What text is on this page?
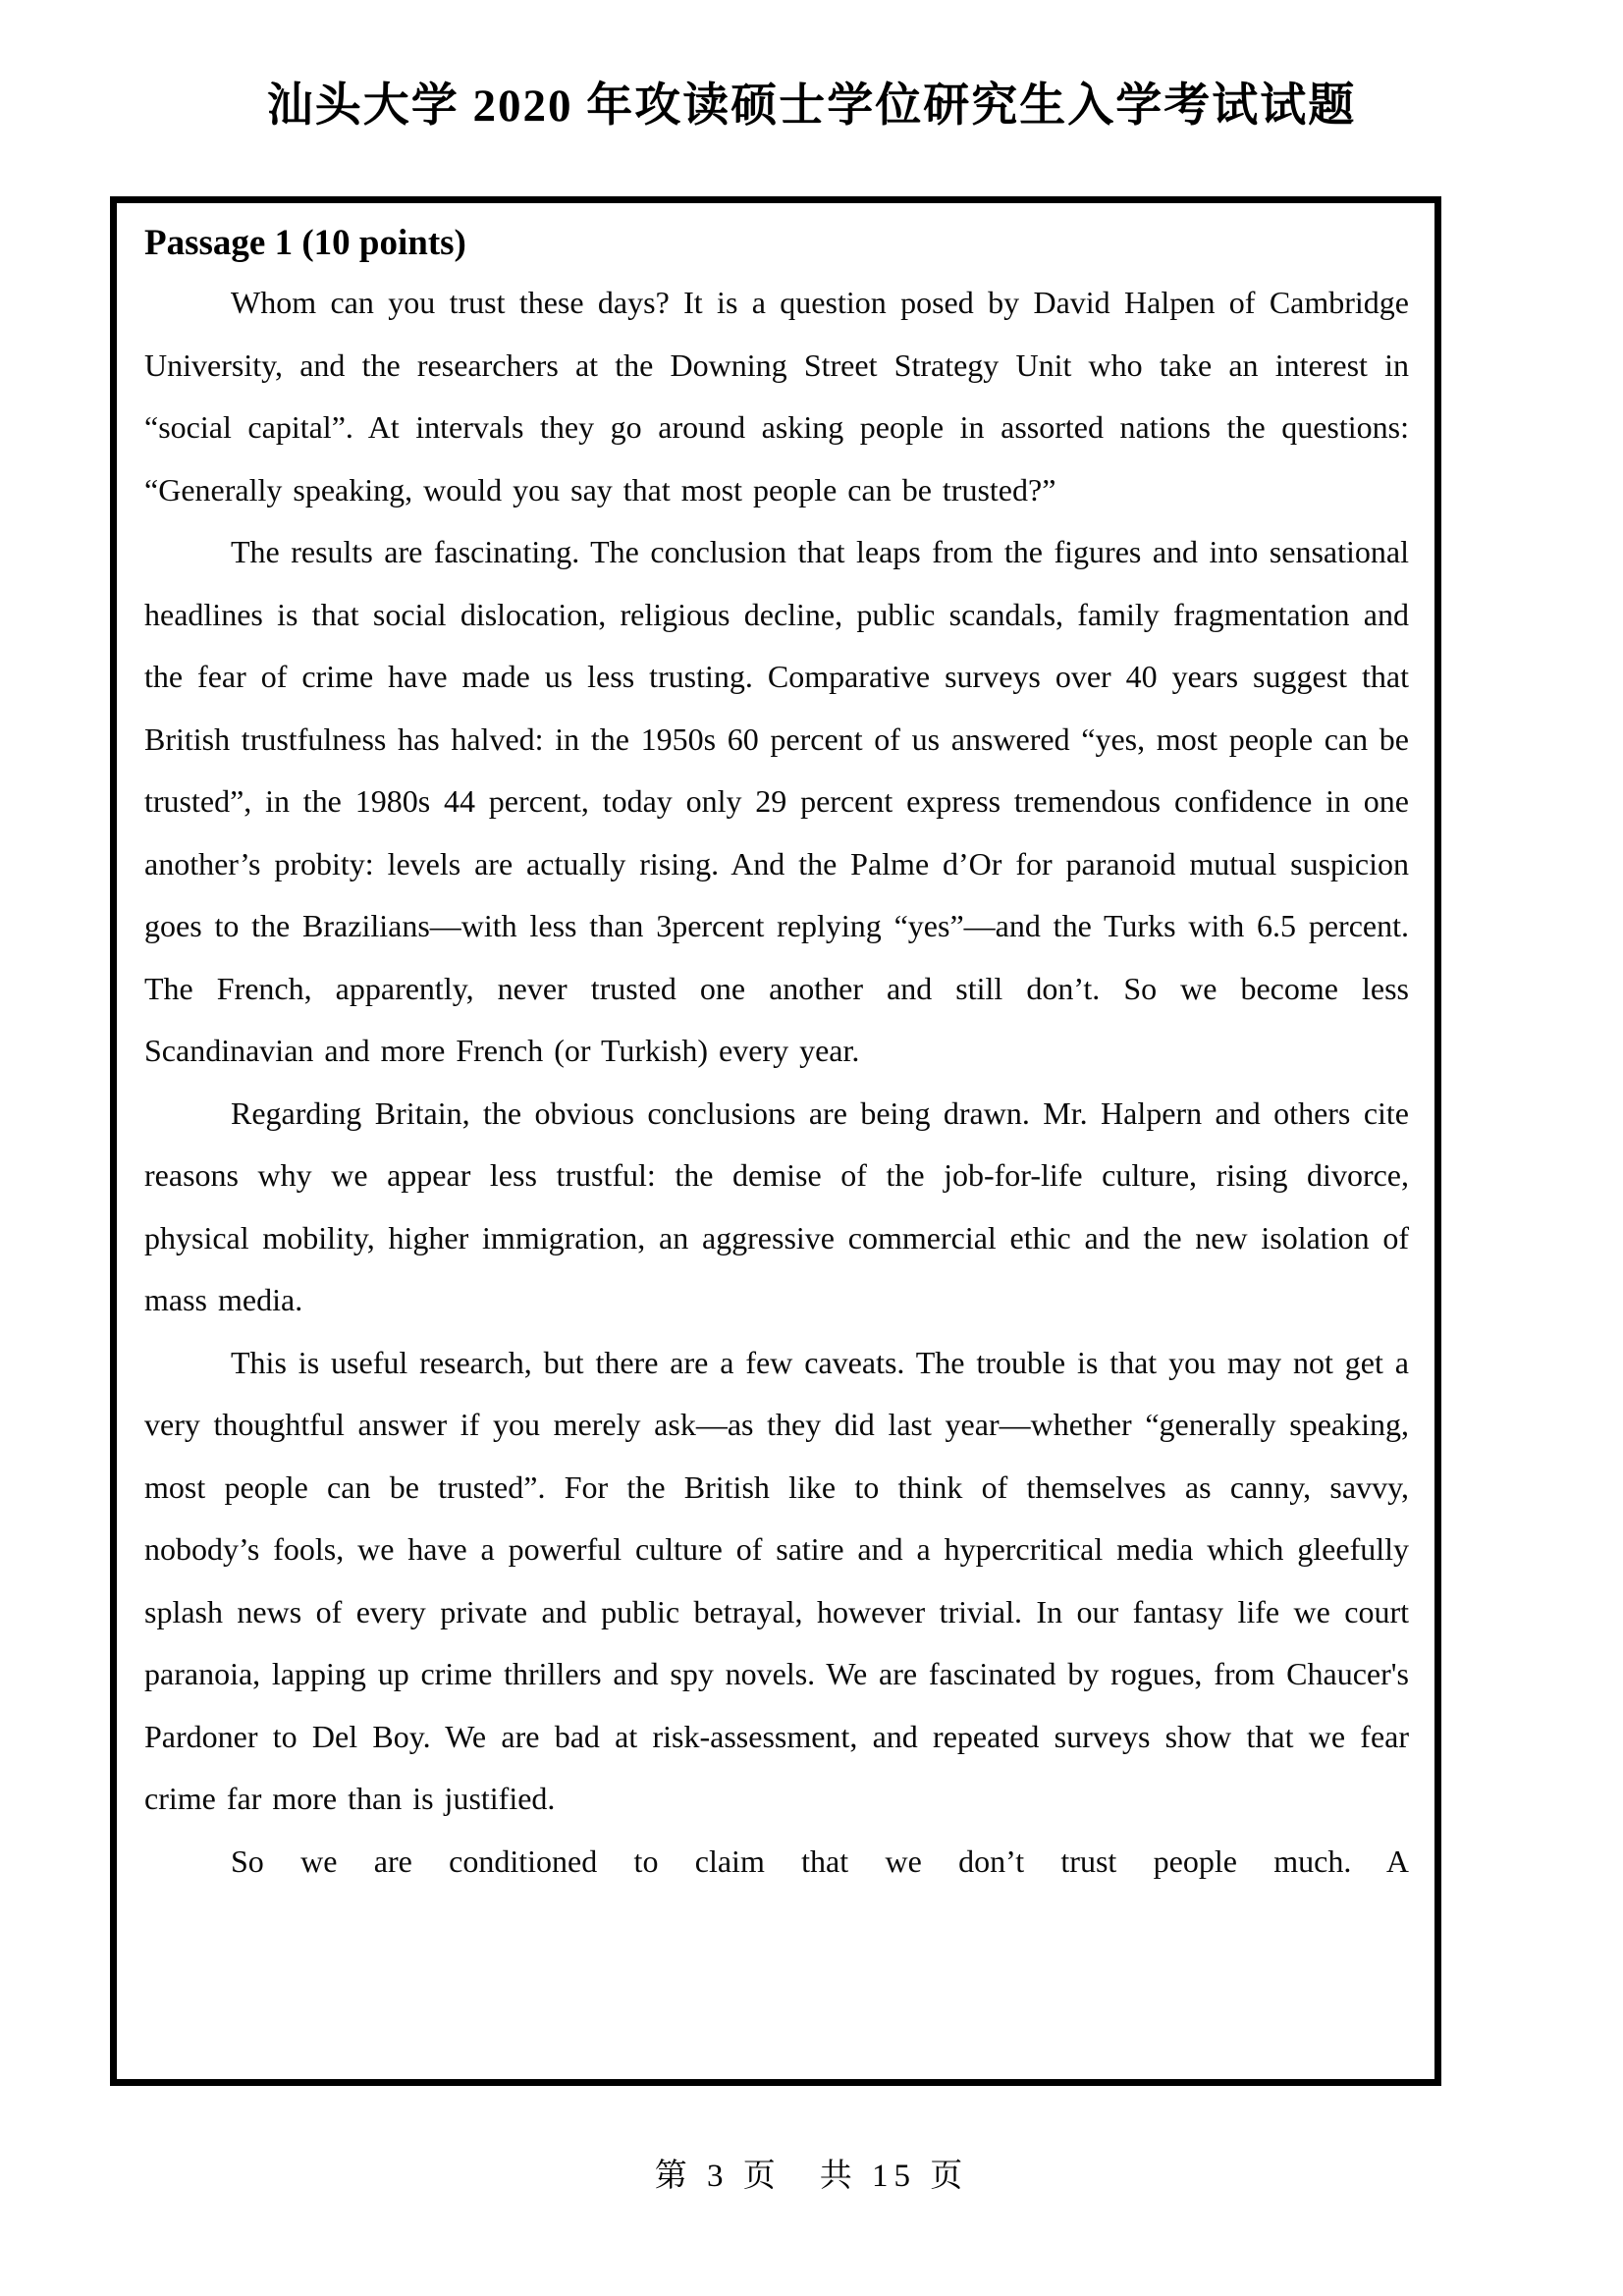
汕头大学 2020 年攻读硕士学位研究生入学考试试题
Passage 1 (10 points)

Whom can you trust these days? It is a question posed by David Halpen of Cambridge University, and the researchers at the Downing Street Strategy Unit who take an interest in “social capital”. At intervals they go around asking people in assorted nations the questions: “Generally speaking, would you say that most people can be trusted?”

The results are fascinating. The conclusion that leaps from the figures and into sensational headlines is that social dislocation, religious decline, public scandals, family fragmentation and the fear of crime have made us less trusting. Comparative surveys over 40 years suggest that British trustfulness has halved: in the 1950s 60 percent of us answered “yes, most people can be trusted”, in the 1980s 44 percent, today only 29 percent express tremendous confidence in one another’s probity: levels are actually rising. And the Palme d’Or for paranoid mutual suspicion goes to the Brazilians—with less than 3percent replying “yes”—and the Turks with 6.5 percent. The French, apparently, never trusted one another and still don’t. So we become less Scandinavian and more French (or Turkish) every year.

Regarding Britain, the obvious conclusions are being drawn. Mr. Halpern and others cite reasons why we appear less trustful: the demise of the job-for-life culture, rising divorce, physical mobility, higher immigration, an aggressive commercial ethic and the new isolation of mass media.

This is useful research, but there are a few caveats. The trouble is that you may not get a very thoughtful answer if you merely ask—as they did last year—whether “generally speaking, most people can be trusted”. For the British like to think of themselves as canny, savvy, nobody’s fools, we have a powerful culture of satire and a hypercritical media which gleefully splash news of every private and public betrayal, however trivial. In our fantasy life we court paranoia, lapping up crime thrillers and spy novels. We are fascinated by rogues, from Chaucer's Pardoner to Del Boy. We are bad at risk-assessment, and repeated surveys show that we fear crime far more than is justified.

So we are conditioned to claim that we don’t trust people much. A

第 3 页　共 15 页
